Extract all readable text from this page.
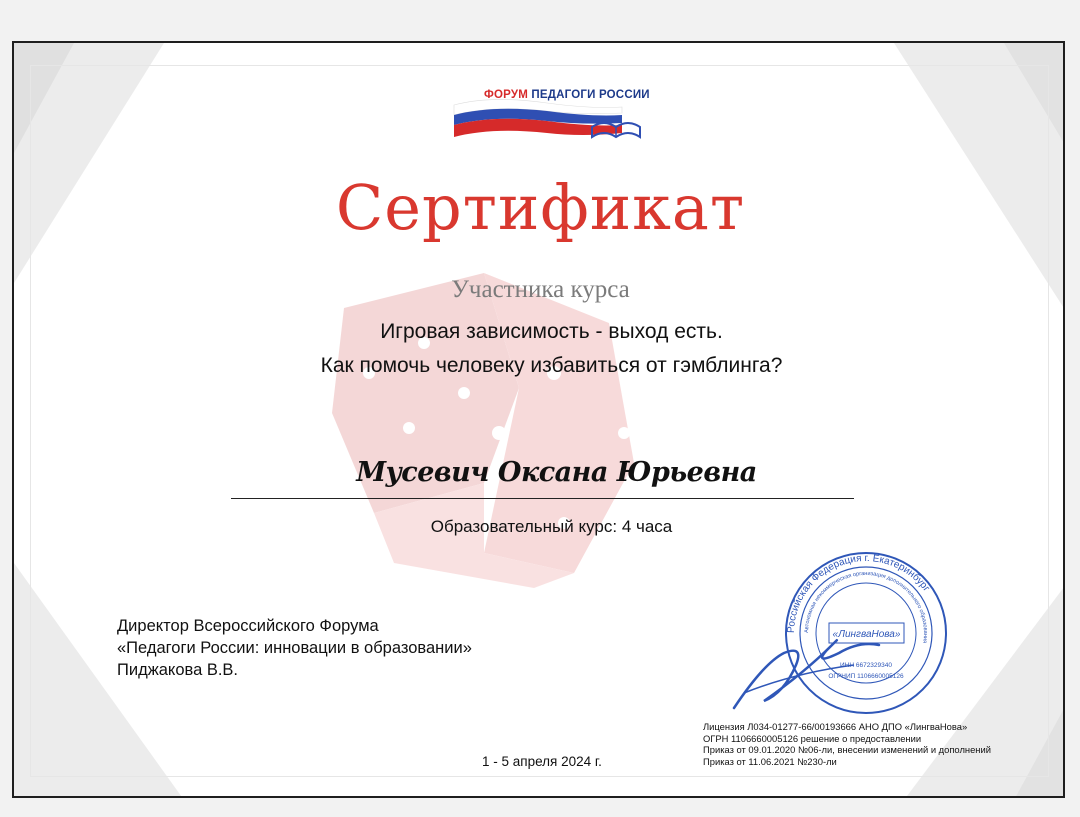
ФОРУМ ПЕДАГОГИ РОССИИ
Сертификат
Участника курса
Игровая зависимость - выход есть.
Как помочь человеку избавиться от гэмблинга?
Мусевич Оксана Юрьевна
Образовательный курс: 4 часа
Директор Всероссийского Форума
«Педагоги России: инновации в образовании»
Пиджакова В.В.
Российская Федерация г. Екатеринбург
Автономная некоммерческая организация дополнительного образования
«ЛингваНова»
ИНН 6672329340
ОГРНИП 1106660005126
1 - 5 апреля 2024 г.
Лицензия Л034-01277-66/00193666 АНО ДПО «ЛингваНова»
ОГРН 1106660005126 решение о предоставлении
Приказ от 09.01.2020 №06-ли, внесении изменений и дополнений
Приказ от 11.06.2021 №230-ли
